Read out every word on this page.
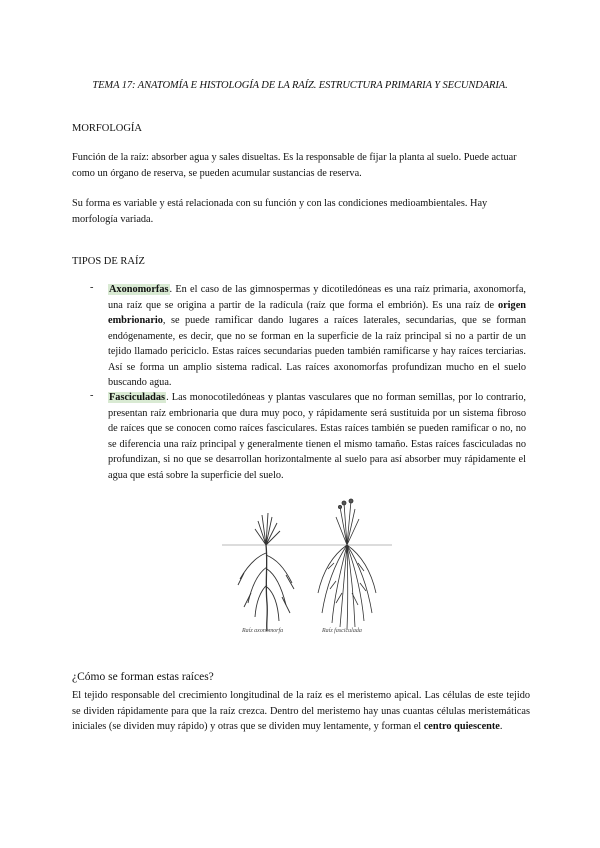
TEMA 17: ANATOMÍA E HISTOLOGÍA DE LA RAÍZ. ESTRUCTURA PRIMARIA Y SECUNDARIA.
MORFOLOGÍA
Función de la raíz: absorber agua y sales disueltas. Es la responsable de fijar la planta al suelo. Puede actuar como un órgano de reserva, se pueden acumular sustancias de reserva.
Su forma es variable y está relacionada con su función y con las condiciones medioambientales. Hay morfología variada.
TIPOS DE RAÍZ
- Axonomorfas. En el caso de las gimnospermas y dicotiledóneas es una raíz primaria, axonomorfa, una raíz que se origina a partir de la radícula (raíz que forma el embrión). Es una raíz de origen embrionario, se puede ramificar dando lugares a raíces laterales, secundarias, que se forman endógenamente, es decir, que no se forman en la superficie de la raíz principal si no a partir de un tejido llamado periciclo. Estas raíces secundarias pueden también ramificarse y hay raíces terciarias. Así se forma un amplio sistema radical. Las raíces axonomorfas profundizan mucho en el suelo buscando agua.
- Fasciculadas. Las monocotiledóneas y plantas vasculares que no forman semillas, por lo contrario, presentan raíz embrionaria que dura muy poco, y rápidamente será sustituida por un sistema fibroso de raíces que se conocen como raíces fasciculares. Estas raíces también se pueden ramificar o no, no se diferencia una raíz principal y generalmente tienen el mismo tamaño. Estas raíces fasciculadas no profundizan, si no que se desarrollan horizontalmente al suelo para así absorber muy rápidamente el agua que está sobre la superficie del suelo.
Raíz axonomorfa	Raíz fasciculada
¿Cómo se forman estas raíces?
El tejido responsable del crecimiento longitudinal de la raíz es el meristemo apical. Las células de este tejido se dividen rápidamente para que la raíz crezca. Dentro del meristemo hay unas cuantas células meristemáticas iniciales (se dividen muy rápido) y otras que se dividen muy lentamente, y forman el centro quiescente.
